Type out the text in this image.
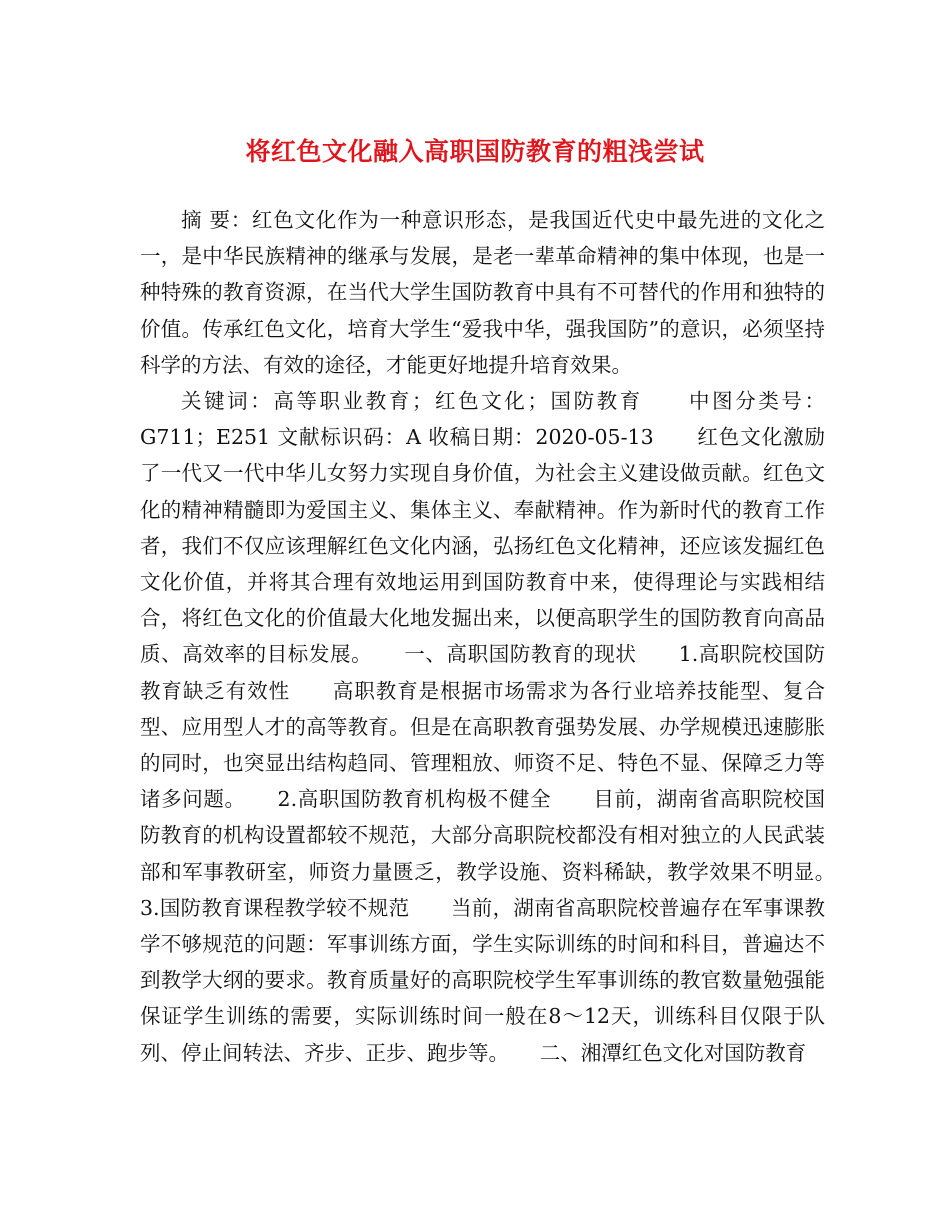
将红色文化融入高职国防教育的粗浅尝试

摘 要：红色文化作为一种意识形态，是我国近代史中最先进的文化之一，是中华民族精神的继承与发展，是老一辈革命精神的集中体现，也是一种特殊的教育资源，在当代大学生国防教育中具有不可替代的作用和独特的价值。传承红色文化，培育大学生“爱我中华，强我国防”的意识，必须坚持科学的方法、有效的途径，才能更好地提升培育效果。

关键词：高等职业教育；红色文化；国防教育　　中图分类号：G711；E251 文献标识码：A 收稿日期：2020-05-13　　红色文化激励了一代又一代中华儿女努力实现自身价值，为社会主义建设做贡献。红色文化的精神精髓即为爱国主义、集体主义、奉献精神。作为新时代的教育工作者，我们不仅应该理解红色文化内涵，弘扬红色文化精神，还应该发掘红色文化价值，并将其合理有效地运用到国防教育中来，使得理论与实践相结合，将红色文化的价值最大化地发掘出来，以便高职学生的国防教育向高品质、高效率的目标发展。　　一、高职国防教育的现状　　1.高职院校国防教育缺乏有效性　　高职教育是根据市场需求为各行业培养技能型、复合型、应用型人才的高等教育。但是在高职教育强势发展、办学规模迅速膨胀的同时，也突显出结构趋同、管理粗放、师资不足、特色不显、保障乏力等诸多问题。　　2.高职国防教育机构极不健全　　目前，湖南省高职院校国防教育的机构设置都较不规范，大部分高职院校都没有相对独立的人民武装部和军事教研室，师资力量匮乏，教学设施、资料稀缺，教学效果不明显。　　3.国防教育课程教学较不规范　　当前，湖南省高职院校普遍存在军事课教学不够规范的问题：军事训练方面，学生实际训练的时间和科目，普遍达不到教学大纲的要求。教育质量好的高职院校学生军事训练的教官数量勉强能保证学生训练的需要，实际训练时间一般在8～12天，训练科目仅限于队列、停止间转法、齐步、正步、跑步等。　　二、湘潭红色文化对国防教育
